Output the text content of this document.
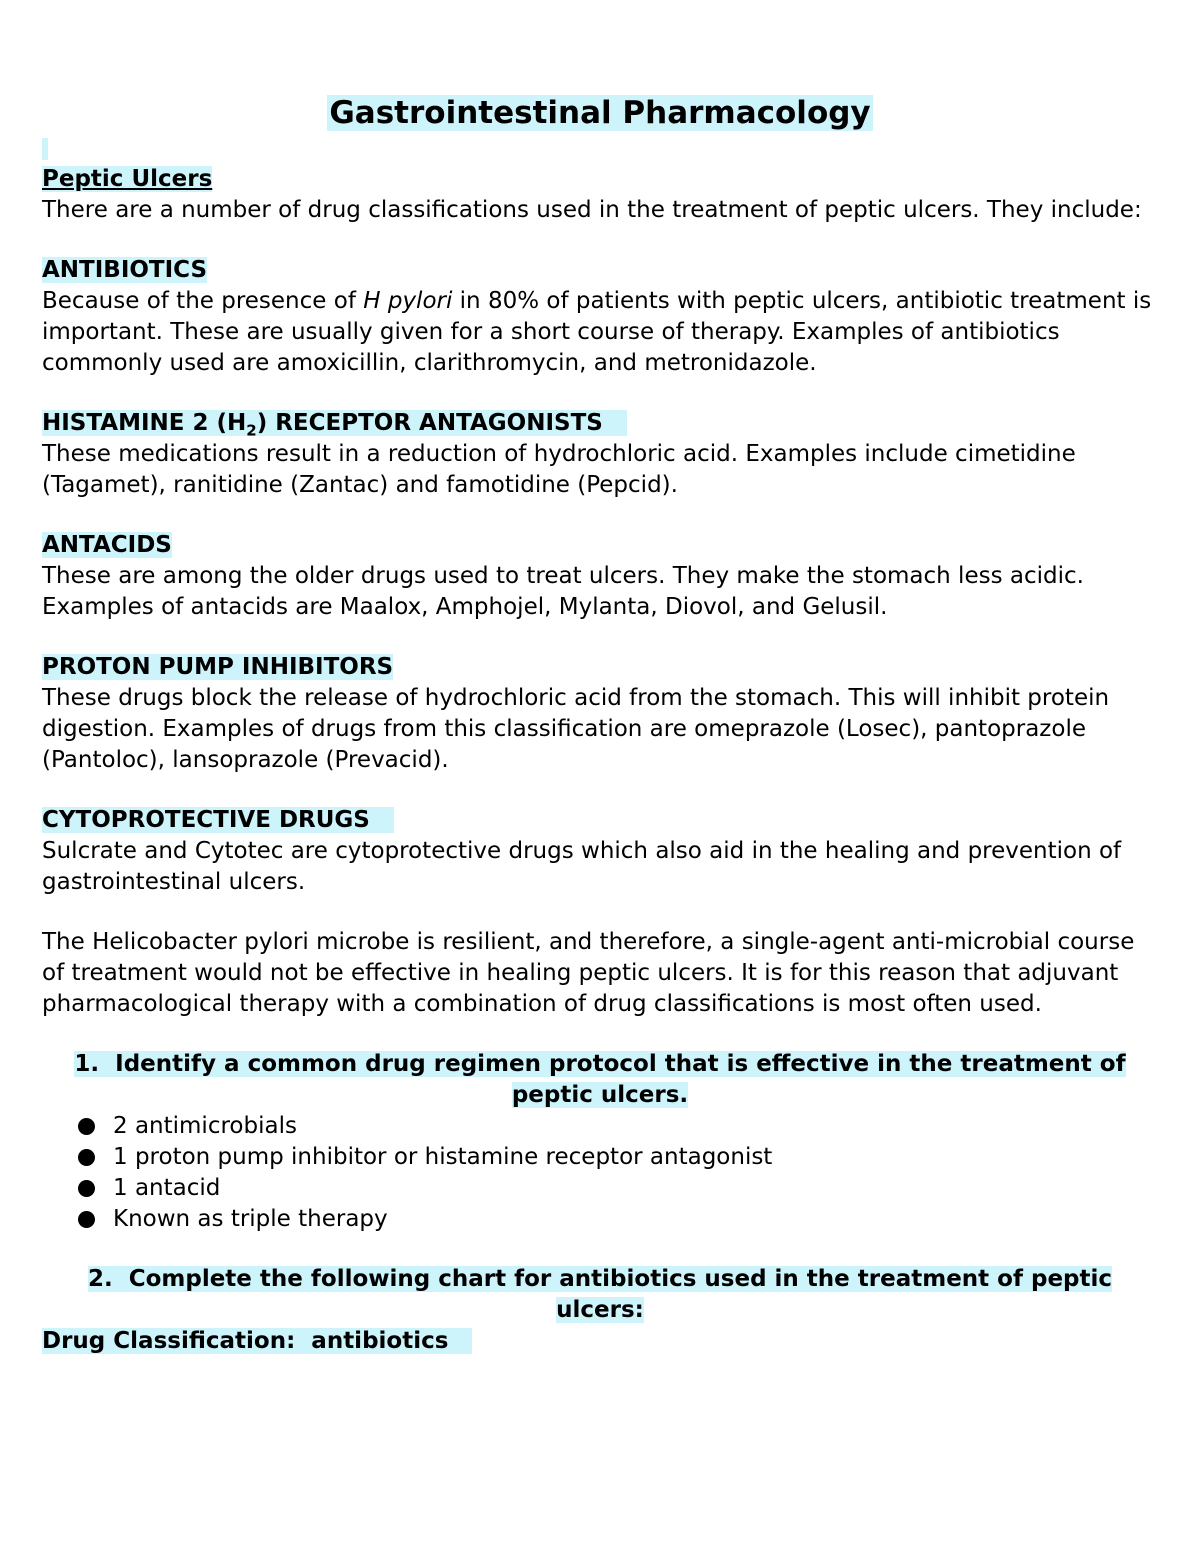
Gastrointestinal Pharmacology

Peptic Ulcers

There are a number of drug classifications used in the treatment of peptic ulcers. They include:

ANTIBIOTICS

Because of the presence of H pylori in 80% of patients with peptic ulcers, antibiotic treatment is important. These are usually given for a short course of therapy. Examples of antibiotics commonly used are amoxicillin, clarithromycin, and metronidazole.

HISTAMINE 2 $(H_2)$ RECEPTOR ANTAGONISTS

These medications result in a reduction of hydrochloric acid. Examples include cimetidine (Tagamet), ranitidine (Zantac) and famotidine (Pepcid).

ANTACIDS

These are among the older drugs used to treat ulcers. They make the stomach less acidic. Examples of antacids are Maalox, Amphojel, Mylanta, Diovol, and Gelusil.

PROTON PUMP INHIBITORS

These drugs block the release of hydrochloric acid from the stomach. This will inhibit protein digestion. Examples of drugs from this classification are omeprazole (Losec), pantoprazole (Pantoloc), lansoprazole (Prevacid).

CYTOPROTECTIVE DRUGS

Sulcrate and Cytotec are cytoprotective drugs which also aid in the healing and prevention of gastrointestinal ulcers.

The Helicobacter pylori microbe is resilient, and therefore, a single-agent anti-microbial course of treatment would not be effective in healing peptic ulcers. It is for this reason that adjuvant pharmacological therapy with a combination of drug classifications is most often used.

1. Identify a common drug regimen protocol that is effective in the treatment of peptic ulcers.

2 antimicrobials
1 proton pump inhibitor or histamine receptor antagonist
1 antacid
Known as triple therapy

2. Complete the following chart for antibiotics used in the treatment of peptic ulcers:

Drug Classification: antibiotics
